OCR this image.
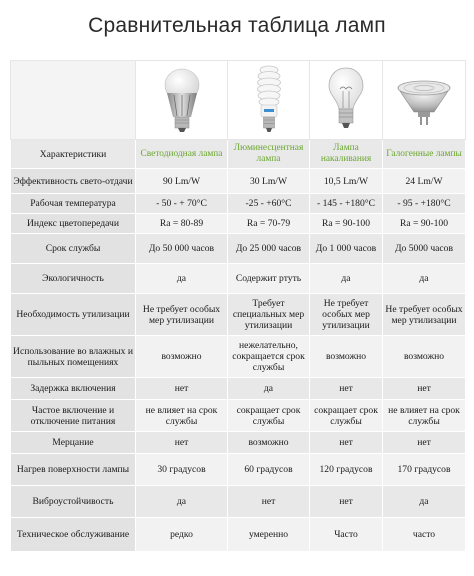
Сравнительная таблица ламп

Характеристики	Светодиодная лампа	Люминесцентная лампа	Лампа накаливания	Галогенные лампы
Эффективность свето-отдачи	90 Lm/W	30 Lm/W	10,5 Lm/W	24 Lm/W
Рабочая температура	- 50 - + 70°C	-25 - +60°C	- 145 - +180°C	- 95 - +180°C
Индекс цветопередачи	Ra = 80-89	Ra = 70-79	Ra = 90-100	Ra = 90-100
Срок службы	До 50 000 часов	До 25 000 часов	До 1 000 часов	До 5000 часов
Экологичность	да	Содержит ртуть	да	да
Необходимость утилизации	Не требует особых мер утилизации	Требует специальных мер утилизации	Не требует особых мер утилизации	Не требует особых мер утилизации
Использование во влажных и пыльных помещениях	возможно	нежелательно, сокращается срок службы	возможно	возможно
Задержка включения	нет	да	нет	нет
Частое включение и отключение питания	не влияет на срок службы	сокращает срок службы	сокращает срок службы	не влияет на срок службы
Мерцание	нет	возможно	нет	нет
Нагрев поверхности лампы	30 градусов	60 градусов	120 градусов	170 градусов
Виброустойчивость	да	нет	нет	да
Техническое обслуживание	редко	умеренно	Часто	часто
